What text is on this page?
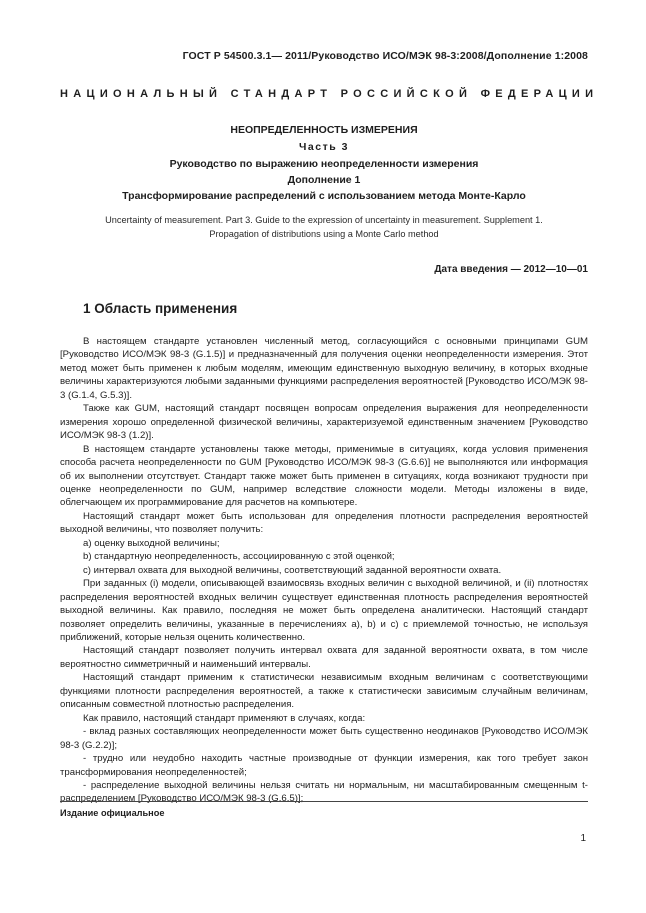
ГОСТ Р 54500.3.1— 2011/Руководство ИСО/МЭК 98-3:2008/Дополнение 1:2008
НАЦИОНАЛЬНЫЙ СТАНДАРТ РОССИЙСКОЙ ФЕДЕРАЦИИ
НЕОПРЕДЕЛЕННОСТЬ ИЗМЕРЕНИЯ
Часть 3
Руководство по выражению неопределенности измерения
Дополнение 1
Трансформирование распределений с использованием метода Монте-Карло
Uncertainty of measurement. Part 3. Guide to the expression of uncertainty in measurement. Supplement 1.
Propagation of distributions using a Monte Carlo method
Дата введения — 2012—10—01
1 Область применения

В настоящем стандарте установлен численный метод, согласующийся с основными принципами GUM [Руководство ИСО/МЭК 98-3 (G.1.5)] и предназначенный для получения оценки неопределенности измерения. Этот метод может быть применен к любым моделям, имеющим единственную выходную величину, в которых входные величины характеризуются любыми заданными функциями распределения вероятностей [Руководство ИСО/МЭК 98-3 (G.1.4, G.5.3)].

Также как GUM, настоящий стандарт посвящен вопросам определения выражения для неопределенности измерения хорошо определенной физической величины, характеризуемой единственным значением [Руководство ИСО/МЭК 98-3 (1.2)].

В настоящем стандарте установлены также методы, применимые в ситуациях, когда условия применения способа расчета неопределенности по GUM [Руководство ИСО/МЭК 98-3 (G.6.6)] не выполняются или информация об их выполнении отсутствует. Стандарт также может быть применен в ситуациях, когда возникают трудности при оценке неопределенности по GUM, например вследствие сложности модели. Методы изложены в виде, облегчающем их программирование для расчетов на компьютере.

Настоящий стандарт может быть использован для определения плотности распределения вероятностей выходной величины, что позволяет получить:

a) оценку выходной величины;

b) стандартную неопределенность, ассоциированную с этой оценкой;

c) интервал охвата для выходной величины, соответствующий заданной вероятности охвата.

При заданных (i) модели, описывающей взаимосвязь входных величин с выходной величиной, и (ii) плотностях распределения вероятностей входных величин существует единственная плотность распределения вероятностей выходной величины. Как правило, последняя не может быть определена аналитически. Настоящий стандарт позволяет определить величины, указанные в перечислениях a), b) и c) с приемлемой точностью, не используя приближений, которые нельзя оценить количественно.

Настоящий стандарт позволяет получить интервал охвата для заданной вероятности охвата, в том числе вероятностно симметричный и наименьший интервалы.

Настоящий стандарт применим к статистически независимым входным величинам с соответствующими функциями плотности распределения вероятностей, а также к статистически зависимым случайным величинам, описанным совместной плотностью распределения.

Как правило, настоящий стандарт применяют в случаях, когда:

- вклад разных составляющих неопределенности может быть существенно неодинаков [Руководство ИСО/МЭК 98-3 (G.2.2)];

- трудно или неудобно находить частные производные от функции измерения, как того требует закон трансформирования неопределенностей;

- распределение выходной величины нельзя считать ни нормальным, ни масштабированным смещенным t-распределением [Руководство ИСО/МЭК 98-3 (G.6.5)];

Издание официальное
1
